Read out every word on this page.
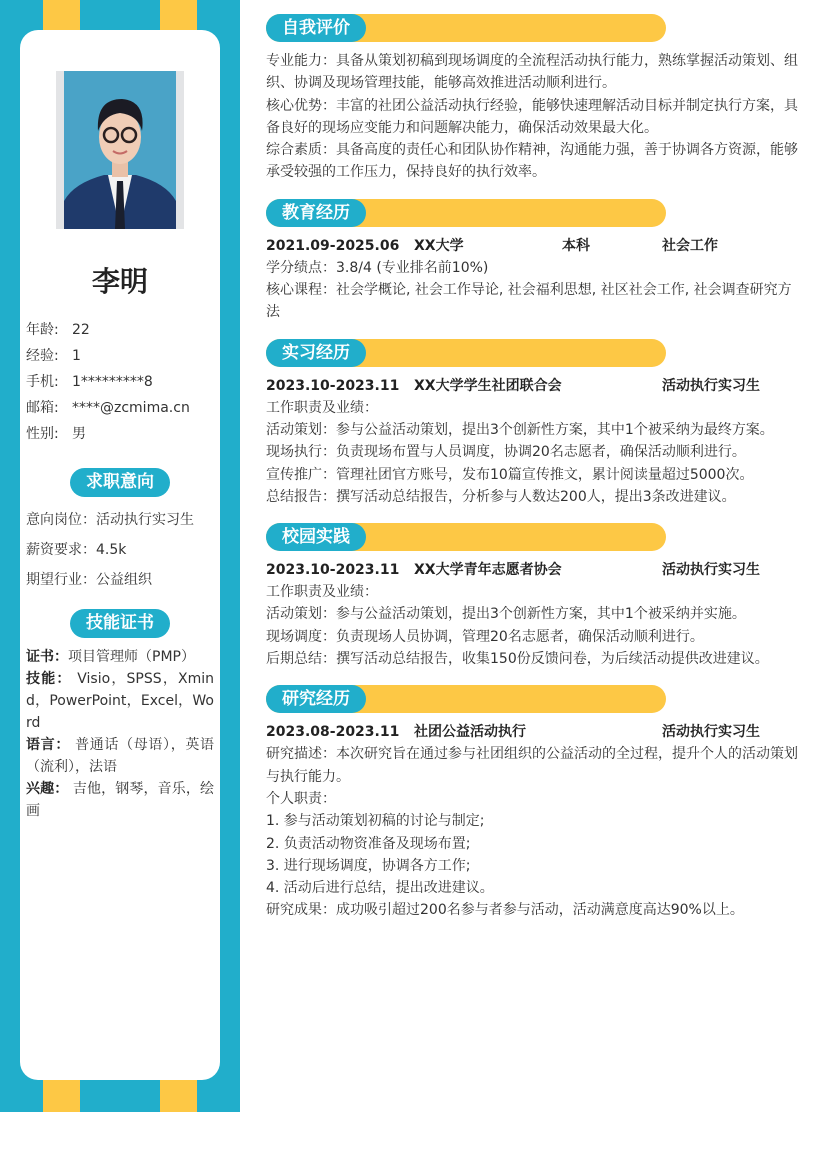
李明
年龄: 22
经验: 1
手机: 1*********8
邮箱: ****@zcmima.cn
性别: 男
求职意向
意向岗位：活动执行实习生
薪资要求：4.5k
期望行业：公益组织
技能证书
证书：项目管理师（PMP）
技能： Visio，SPSS，Xmind，PowerPoint，Excel，Word
语言： 普通话（母语），英语（流利），法语
兴趣： 吉他，钢琴，音乐，绘画
自我评价
专业能力：具备从策划初稿到现场调度的全流程活动执行能力，熟练掌握活动策划、组织、协调及现场管理技能，能够高效推进活动顺利进行。
核心优势：丰富的社团公益活动执行经验，能够快速理解活动目标并制定执行方案，具备良好的现场应变能力和问题解决能力，确保活动效果最大化。
综合素质：具备高度的责任心和团队协作精神，沟通能力强，善于协调各方资源，能够承受较强的工作压力，保持良好的执行效率。
教育经历
2021.09-2025.06 XX大学	本科	社会工作
学分绩点：3.8/4 (专业排名前10%)
核心课程：社会学概论, 社会工作导论, 社会福利思想, 社区社会工作, 社会调查研究方法
实习经历
2023.10-2023.11 XX大学学生社团联合会	活动执行实习生
工作职责及业绩：
活动策划：参与公益活动策划，提出3个创新性方案，其中1个被采纳为最终方案。
现场执行：负责现场布置与人员调度，协调20名志愿者，确保活动顺利进行。
宣传推广：管理社团官方账号，发布10篇宣传推文，累计阅读量超过5000次。
总结报告：撰写活动总结报告，分析参与人数达200人，提出3条改进建议。
校园实践
2023.10-2023.11 XX大学青年志愿者协会	活动执行实习生
工作职责及业绩：
活动策划：参与公益活动策划，提出3个创新性方案，其中1个被采纳并实施。
现场调度：负责现场人员协调，管理20名志愿者，确保活动顺利进行。
后期总结：撰写活动总结报告，收集150份反馈问卷，为后续活动提供改进建议。
研究经历
2023.08-2023.11 社团公益活动执行	活动执行实习生
研究描述：本次研究旨在通过参与社团组织的公益活动的全过程，提升个人的活动策划与执行能力。
个人职责：
1. 参与活动策划初稿的讨论与制定;
2. 负责活动物资准备及现场布置;
3. 进行现场调度，协调各方工作;
4. 活动后进行总结，提出改进建议。
研究成果：成功吸引超过200名参与者参与活动，活动满意度高达90%以上。
